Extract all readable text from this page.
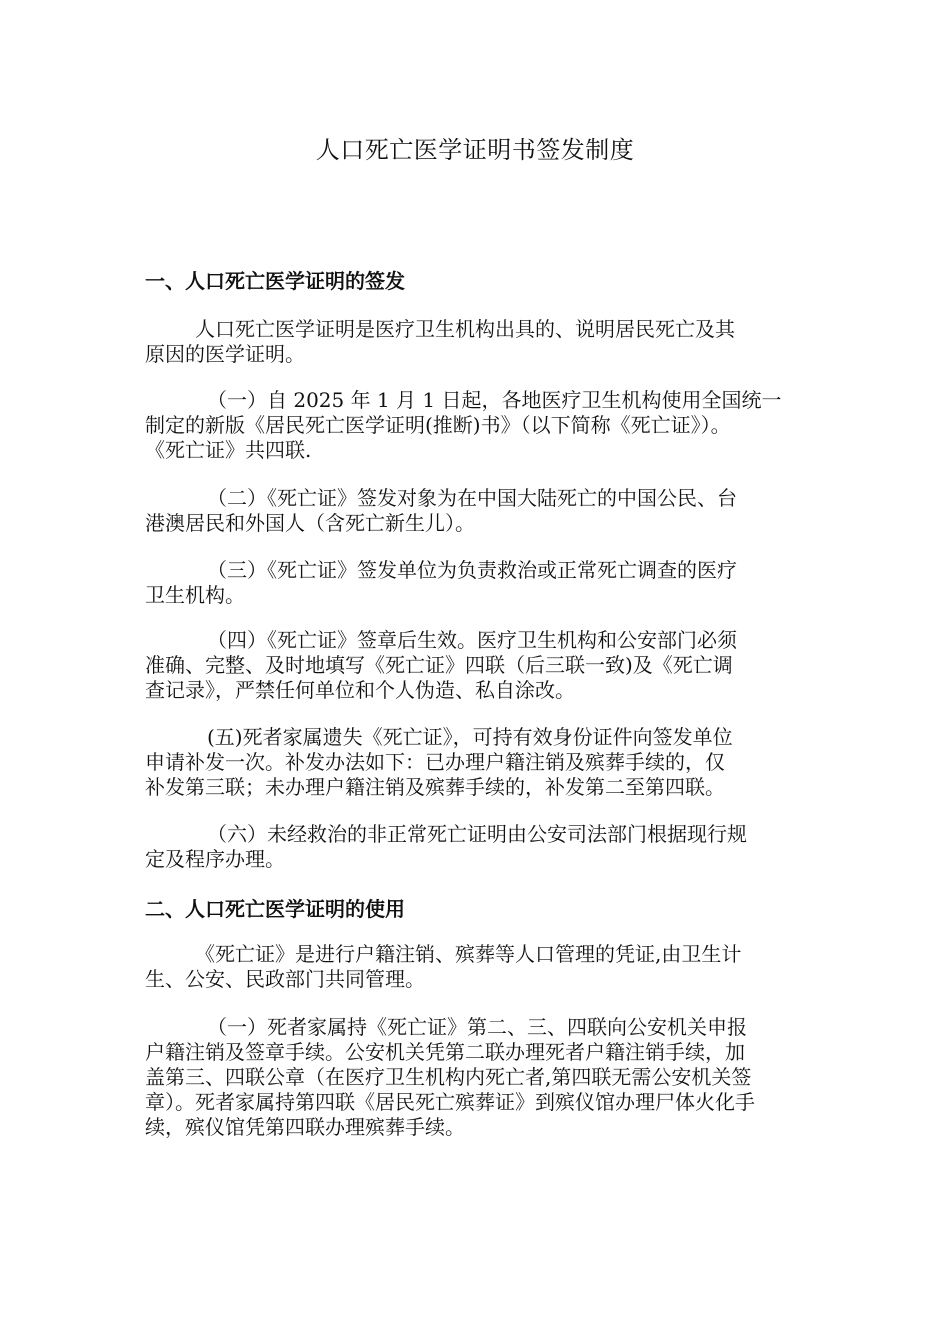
人口死亡医学证明书签发制度
一、人口死亡医学证明的签发

人口死亡医学证明是医疗卫生机构出具的、说明居民死亡及其
原因的医学证明。

（一）自 2025 年 1 月 1 日起，各地医疗卫生机构使用全国统一
制定的新版《居民死亡医学证明(推断)书》（以下简称《死亡证》）。
《死亡证》共四联.

（二）《死亡证》签发对象为在中国大陆死亡的中国公民、台
港澳居民和外国人（含死亡新生儿）。

（三）《死亡证》签发单位为负责救治或正常死亡调查的医疗
卫生机构。

（四）《死亡证》签章后生效。医疗卫生机构和公安部门必须
准确、完整、及时地填写《死亡证》四联（后三联一致)及《死亡调
查记录》，严禁任何单位和个人伪造、私自涂改。

(五)死者家属遗失《死亡证》，可持有效身份证件向签发单位
申请补发一次。补发办法如下：已办理户籍注销及殡葬手续的，仅
补发第三联；未办理户籍注销及殡葬手续的，补发第二至第四联。

（六）未经救治的非正常死亡证明由公安司法部门根据现行规
定及程序办理。

二、人口死亡医学证明的使用

《死亡证》是进行户籍注销、殡葬等人口管理的凭证,由卫生计
生、公安、民政部门共同管理。

（一）死者家属持《死亡证》第二、三、四联向公安机关申报
户籍注销及签章手续。公安机关凭第二联办理死者户籍注销手续，加
盖第三、四联公章（在医疗卫生机构内死亡者,第四联无需公安机关签
章）。死者家属持第四联《居民死亡殡葬证》到殡仪馆办理尸体火化手
续，殡仪馆凭第四联办理殡葬手续。
